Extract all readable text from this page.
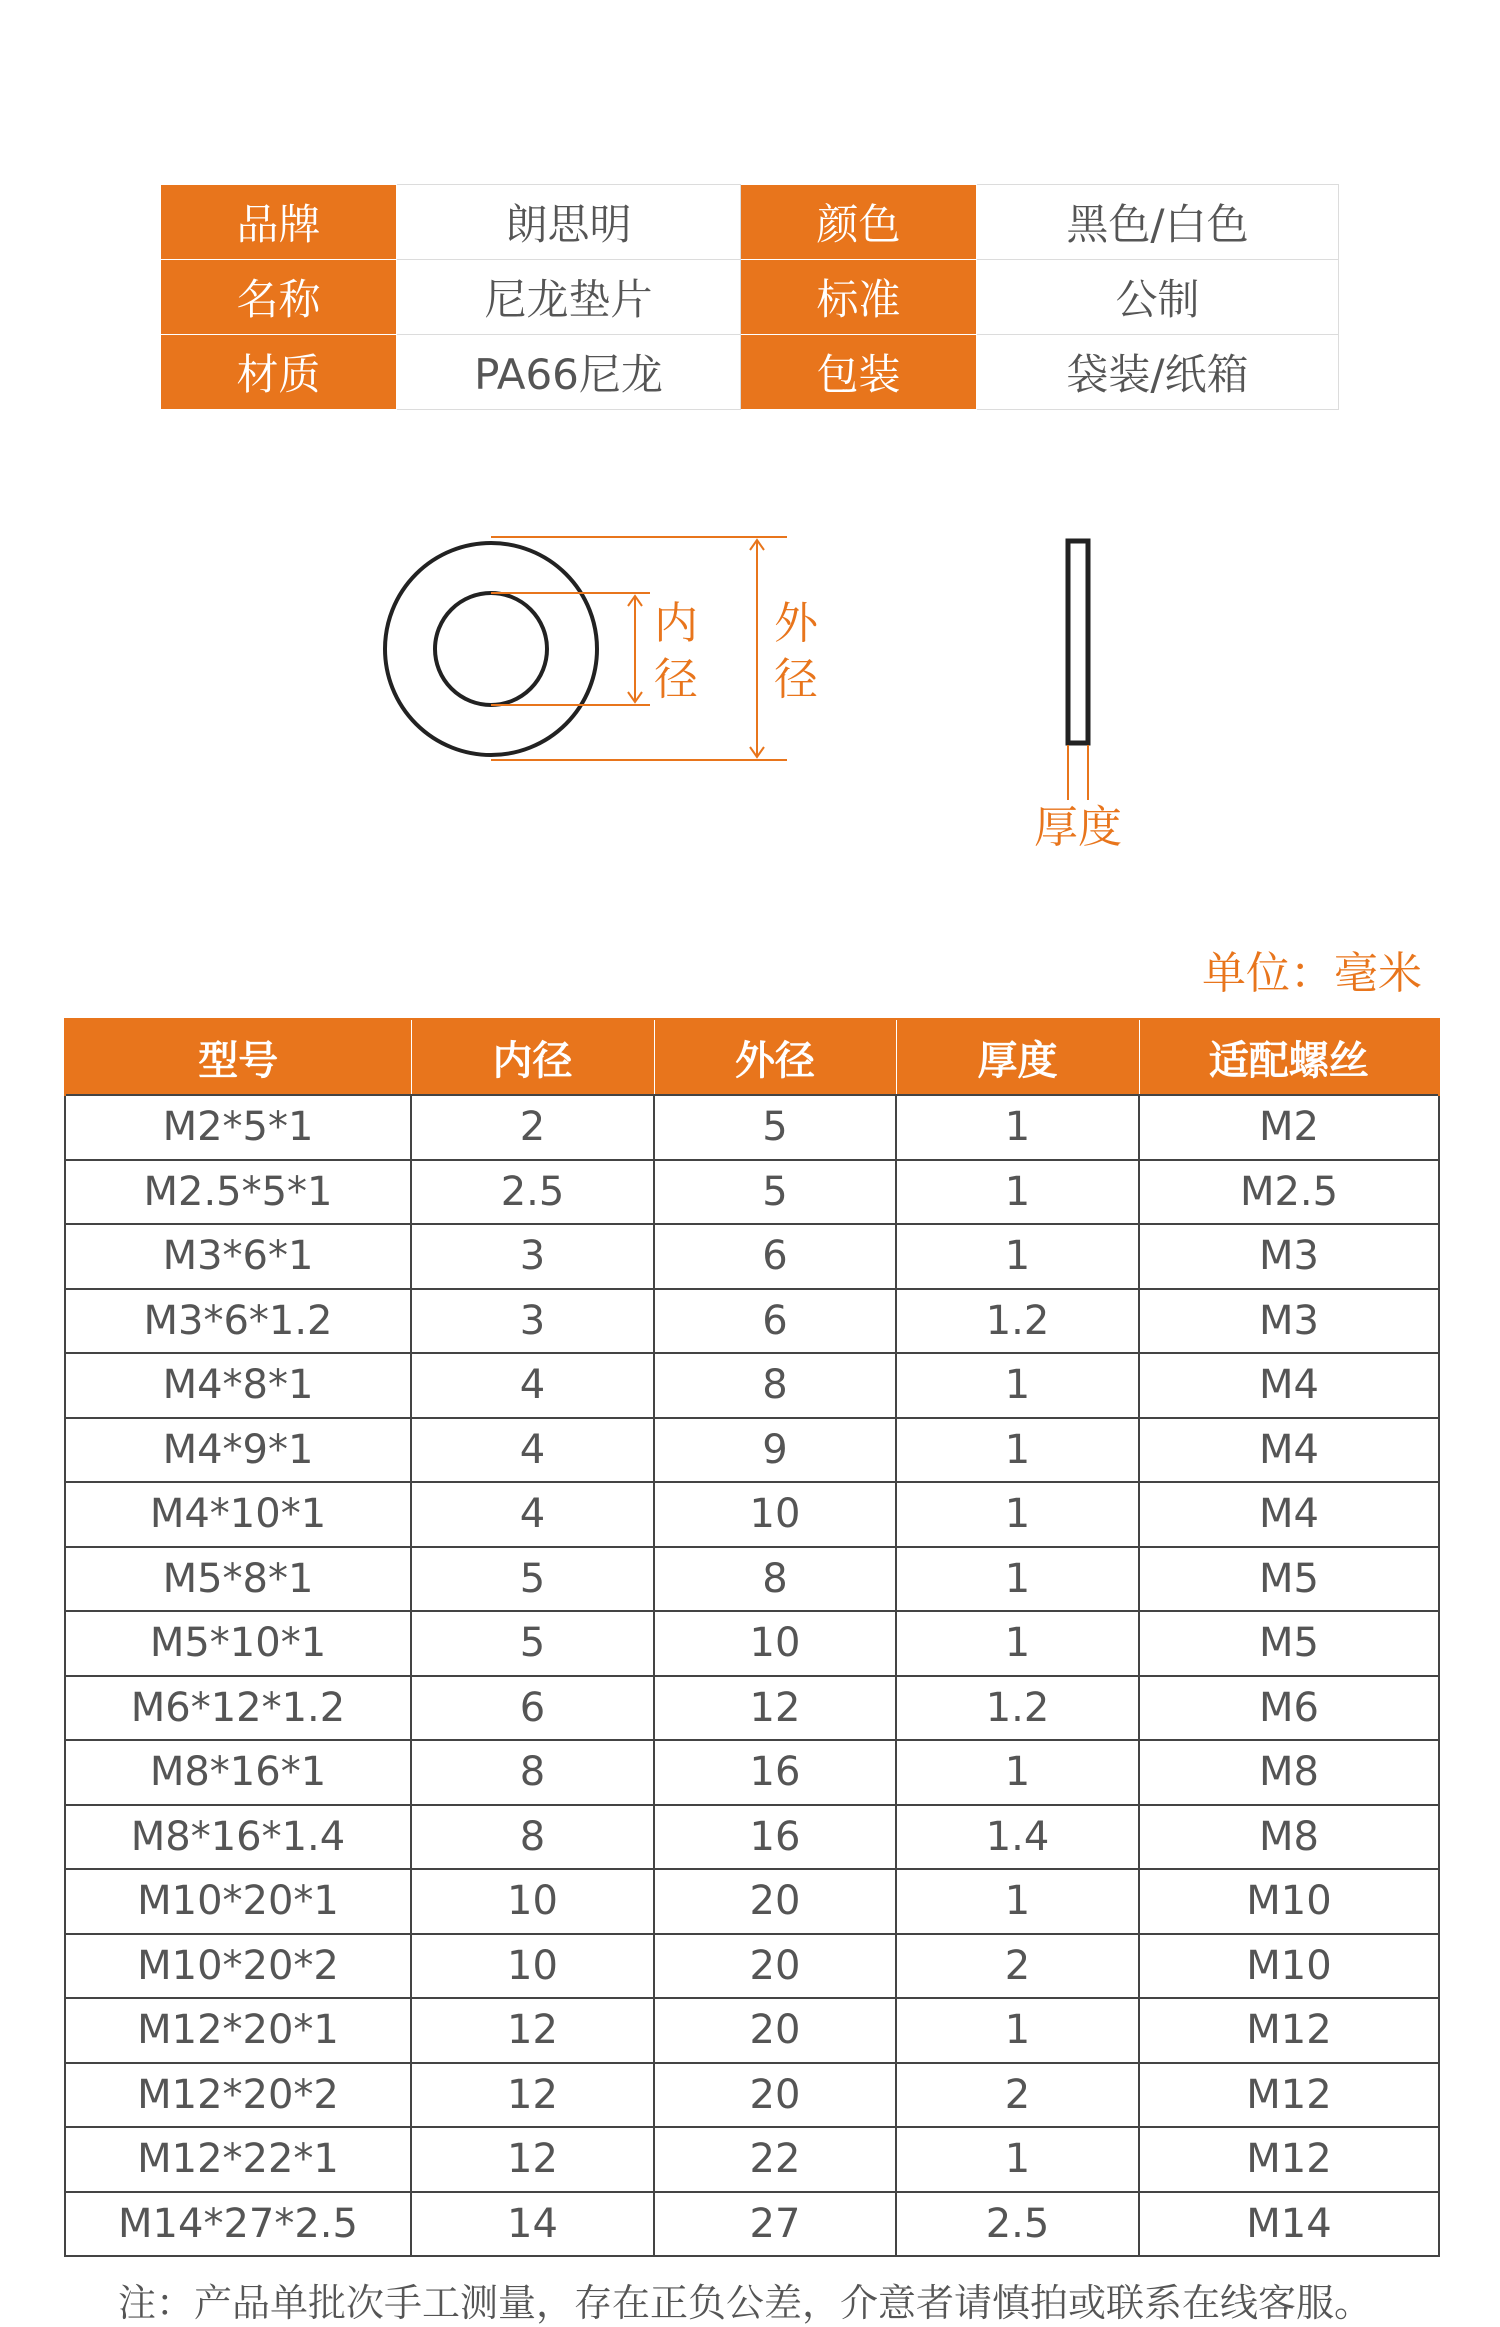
品牌	朗思明	颜色	黑色/白色
名称	尼龙垫片	标准	公制
材质	PA66尼龙	包装	袋装/纸箱
内
径
外
径
厚度
单位：毫米
型号	内径	外径	厚度	适配螺丝
M2*5*1	2	5	1	M2
M2.5*5*1	2.5	5	1	M2.5
M3*6*1	3	6	1	M3
M3*6*1.2	3	6	1.2	M3
M4*8*1	4	8	1	M4
M4*9*1	4	9	1	M4
M4*10*1	4	10	1	M4
M5*8*1	5	8	1	M5
M5*10*1	5	10	1	M5
M6*12*1.2	6	12	1.2	M6
M8*16*1	8	16	1	M8
M8*16*1.4	8	16	1.4	M8
M10*20*1	10	20	1	M10
M10*20*2	10	20	2	M10
M12*20*1	12	20	1	M12
M12*20*2	12	20	2	M12
M12*22*1	12	22	1	M12
M14*27*2.5	14	27	2.5	M14
注：产品单批次手工测量，存在正负公差，介意者请慎拍或联系在线客服。
